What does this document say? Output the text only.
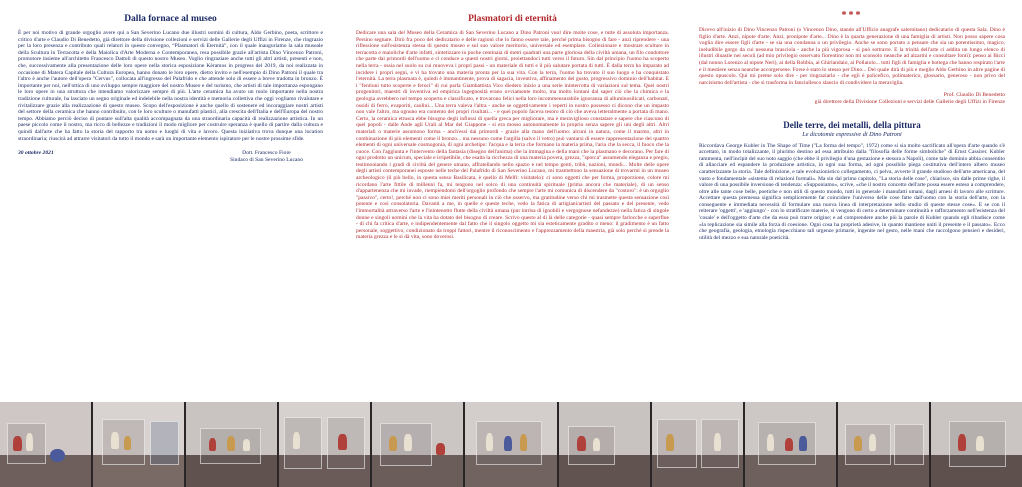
Dalla fornace al museo

È per noi motivo di grande orgoglio avere qui a San Severino Lucano due illustri uomini di cultura, Aldo Gerbino, poeta, scrittore e critico d'arte e Claudio Di Benedetto, già direttore della divisione collezioni e servizi delle Gallerie degli Uffizi in Firenze, che ringrazio per la loro presenza e contributo quali relatori in questo convegno, “Plasmatori di Eternità”, con il quale inauguriamo la sala museale della Scultura in Terracotta e della Maiolica d'Arte Moderna e Contemporanea, resa possibile grazie all'artista Dino Vincenzo Patroni, promotore insieme all'architetto Francesco Dattoli di questo nostro Museo. Voglio ringraziare anche tutti gli altri artisti, presenti e non, che, successivamente alla presentazione delle loro opere nella storica esposizione Kèramos in progress del 2019, da noi realizzata in occasione di Matera Capitale della Cultura Europea, hanno donato le loro opere, dietro invito e nell'esempio di Dino Patroni il quale tra l'altro è anche l'autore dell'opera "Cervus", collocata all'ingresso del Palafrido e che attende solo di essere a breve tradotta in bronzo. È importante per noi, nell'ottica di uno sviluppo sempre maggiore del nostro Museo e del turismo, che artisti di tale importanza espongano le loro opere in una struttura che intendiamo valorizzare sempre di più. L'arte ceramica ha avuto un ruolo importante nella nostra tradizione culturale, ha lasciato un segno originale ed indelebile nella nostra identità e memoria collettiva che oggi vogliamo rivalutare e rivitalizzare grazie alla realizzazione di questo museo. Scopo dell'esposizione è anche quello di sostenere ed incoraggiare nostri artisti del settore della ceramica che hanno contribuito, con le loro sculture o manufatti plastici, alla crescita dell'Italia e dell'Europa del nostro tempo. Abbiamo perciò deciso di puntare sull'alta qualità accompagnata da una straordinaria capacità di realizzazione artistica. In un paese piccolo come il nostro, ma ricco di bellezze e tradizioni il modo migliore per costruire speranza è quello di partire dalla cultura e quindi dall'arte che ha fatto la storia del rapporto tra uomo e luoghi di vita e lavoro. Questa iniziativa trova dunque una location straordinaria; riuscirà ad attrarre visitatori da tutto il mondo e sarà un importante elemento ispiratore per le nostre prossime sfide.

30 ottobre 2021	Dott. Francesco Fiore
Sindaco di San Severino Lucano
Plasmatori di eternità

Dedicare una sala del Museo della Ceramica di San Severino Lucano a Dino Patroni vuol dire molte cose, e tutte di assoluta importanza. Persino segnare. Dirò fra poco del dedicatario e delle ragioni che lo fanno essere tale, perché prima bisogno di fare - anzi riprendere - una riflessione sull'esistenza stessa di questo museo e sul suo valore meritorio, universale ed esemplare. Collezionare e mostrare sculture in terracotta e maioliche d'arte infatti, sintetizzare in poche centinaia di metri quadrati una parte gloriosa della civiltà umana, un filo conduttore che parte dai primordi dell'uomo e ci conduce a questi nostri giorni, proiettandoci tutti verso il futuro. Sin dal principio l'uomo ha scoperto nella terra - ossia nel suolo su cui muoveva i propri passi - un materiale di tutti e il più salutare portata di tutti. È dalla terra ha imparato ad incidere i propri segni, e vi ha trovato una materia pronta per la sua vita. Con la terra, l'uomo ha trovato il suo luogo e ha conquistato l'eternità. La terra plasmata è, quindi è immantinente, prova di sagacia, inventiva, affinamento del gusto, progressivo dominio dell'habitat. E i "fentiuni tutto scoperte e feroci" di cui parla Giambattista Vico diedero inizio a una serie ininterrotta di variazioni sul tema. Quei nostri progenitori, maestri di inventiva ed empirica ingegnosità erano ovviamente molto, ma molto lontani dal saper ciò che la chimica e la geologia avrebbero nel tempo scoperto e classificato, e trovarono felici nella loro incommensurabile ignoranza di alluminosilicati, carbonati, ossidi di ferro, evaporiti, caolini... Una terra valeva l'altra - anche se oggettivamente i reperti in nostro possesso ci dicono che un impasto non vale l'altro, ma ognuno era contento dei propri risultati... - e quei popolo faceva tesoro di ciò che aveva letteralmente a portata di mano. Certo, la ceramica etrusca ebbe bisogno degli influssi di quella greca per migliorare, ma è meraviglioso constatare e sapere che ciascuno di quei popoli - dalle Ande agli Urali al Mar del Giappone - si era mosso autonomamente in proprio senza sapere gli uni degli altri. Altri materiali o materie assumono forma - anch'essi dai primordi - grazie alla mano dell'uomo: alcuni in natura, come il marmo, altri in combinazione di più elementi come il bronzo... ma nessuno come l'argilla (salvo il vetro) può vantarsi di essere rappresentazione dei quattro elementi di ogni universale cosmogonia, di ogni archetipo: l'acqua e la terra che formano la materia prima, l'aria che la secca, il fuoco che la cuoce. Con l'aggiunta e l'intervento della fantasia (disegno dell'anima) che la immagina e della mani che la plasmano e decorano. Per fare di ogni prodotto un unicum, speciale e irripetibile, che esalta la ricchezza di una materia povera, grezza, "sporca" assumendo eleganza e pregio, testimoniando i gradi di civiltà del genere umano, affratellando nello spazio e nel tempo genti, tribù, nazioni, mondi... Molte delle opere degli artisti contemporanei esposte nelle teche del Palafrido di San Severino Lucano, mi trasmettono la sensazione di trovarmi in un museo archeologico (il più bello, in questa senso Basilicata, è quello di Melfi: visitatelo): ci sono oggetti che per forma, proporzione, colore mi ricordano l'arte fittile di millenni fa, mi tengono nel solco di una continuità spirituale (prima ancora che materiale), di un senso d'appartenenza che mi invade, riempiendomi dell'orgoglio profondo che sempre l'arte mi comunica di discendere da "costoro": è un orgoglio "passivo", certo!, perché non ci sono miei meriti personali in ciò che osservo, ma gratitudine verso chi mi trasmette questa sensazione così potente e così consolatoria. Davanti a me, in quelle e queste teche, vedo la fatica di artigiani/artisti del passato e del presente, vedo l'immortalità attraverso l'arte e l'inintenotto flutte della civiltà umana (pur intrisa di ignobili e vergognose nefandezze) nella fatica di singole donne e singoli uomini che la vita ha dotato del bisogno di creare. Scrivo questo al di là delle categorie - quasi sempre farlocche e superflue - di chi fa critica d'arte, e indipendentemente dal fatto che il singolo oggetto mi sia esteticamente gradito o meno: il gradimento è un fatto personale, soggettivo, condizionato da troppi fattori, mentre il riconoscimento e l'apprezzamento della maestria, già solo perché si prende la materia grezza e le si dà vita, sono doverosi.

***

Dicevo all'inizio di Dino Vincenzo Patroni (o Vincenzo Dino, stando all'Ufficio anagrafe salernitano) dedicatario di questa Sala. Dino è figlio d'arte. Anzi, nipote d'arte. Anzi, pronipote d'arte... Dino è la quarta generazione di una famiglia di artisti. Non posso sapere cosa voglia dire essere figli d'arte - se sia una condanna o un privilegio. Anche se sono portato a pensare che sia un potentissimo, magico, ineludibile gorgo da cui nessuna brasciola - anche la più vigorosa - si può sottrarre. E la trinità dell'arte ci addita un lungo elenco di illustri dinastie nei secoli (ad mio privilegio osservato fiorentino non mi sconsolo neanche ad alzarmi e consultare fonti): penso ai Bicci (dal nonno Lorenzo al nipote Neri), ai della Robbia, ai Ghirlandaio, ai Pollaiolo... tutti figli di famiglia e bottega che hanno respirato l'arte e il mestiere senza neanche accorgersene. Forse è stato lo stesso per Dino... Del quale dirà di più e meglio Aldo Gerbino in altre pagine di questo opuscolo. Qui mi preme solo dire - per ringraziarlo - che egli è policefico, polimaterico, glossario, generoso - non privo del narcisismo dell'artista - che si trasforma in fanciullesco slancio di condividere la meraviglia.

Prof. Claudio Di Benedetto
già direttore della Divisione Collezioni e servizi delle Gallerie degli Uffizi in Firenze
Delle terre, dei metalli, della pittura
Le dicotomie espressive di Dino Patroni

Riccordava George Kubler in The Shape of Time ("La forma del tempo", 1972) come si sia molto sacrificato all'opera d'arte quando s'è accettato, in modo totalizzante, il plurimo destino ad essa attribuito dalla "filosofia delle forme simboliche" di Ernst Cassirer. Kubler rammenta, nell'incipit del suo noto saggio (che ebbe il privilegio d'una gestazione e stesura a Napoli), come tale dominio abbia consentito di allacciare ed espandere la produzione artistica, in ogni sua forma, ad ogni possibile piega costitutiva dell'intero albero museo caratterizzante la storia. Tale definizione, e tale evoluzionistico collegamento, ci pelva, avverte il grande studioso dell'arte americana, del vasto e fondamentale «sistema di relazioni formali». Ma sin dal primo capitolo, "La storia delle cose", chiarisce, sin dalle prime righe, il valore di una possibile inversione di tendenza: «Supponiamo», scrive, «che il nostro concetto dell'arte possa essere esteso a comprendere, oltre alle tante cose belle, poetiche e non utili di questo mondo, tutti in generale i manufatti umani, dagli arnesi di lavoro alle scritture. Accettare questa premessa significa semplicemente far coincidere l'universo delle cose fatte dall'uomo con la storia dell'arte, con la conseguente e immediata necessità di formulare una nuova linea di interpretazione nello studio di queste stesse cose». E se con il reiterare 'oggetti', e 'aggiungo' - con lo stratificare materie, si vengono di certo a determinare continuità e rafforzamento nell'esistenza del 'cosale' e dell'oggetto d'arte che da esso può trarre origine; e ad comprendere anche più la parole di Kubler quando egli ribadisce come «la replicazione sia simile alla forza di coesione. Ogni cosa ha proprietà adesive, in quanto mantiene uniti il presente e il passato». Ecco che geografia, geologia, etnologia rispecchiano tali urgenze primarie, ingenite nel gesto, nelle mani che raccolgono pensieri e desideri, utilità del mezzo e sua naturale poeticità.
